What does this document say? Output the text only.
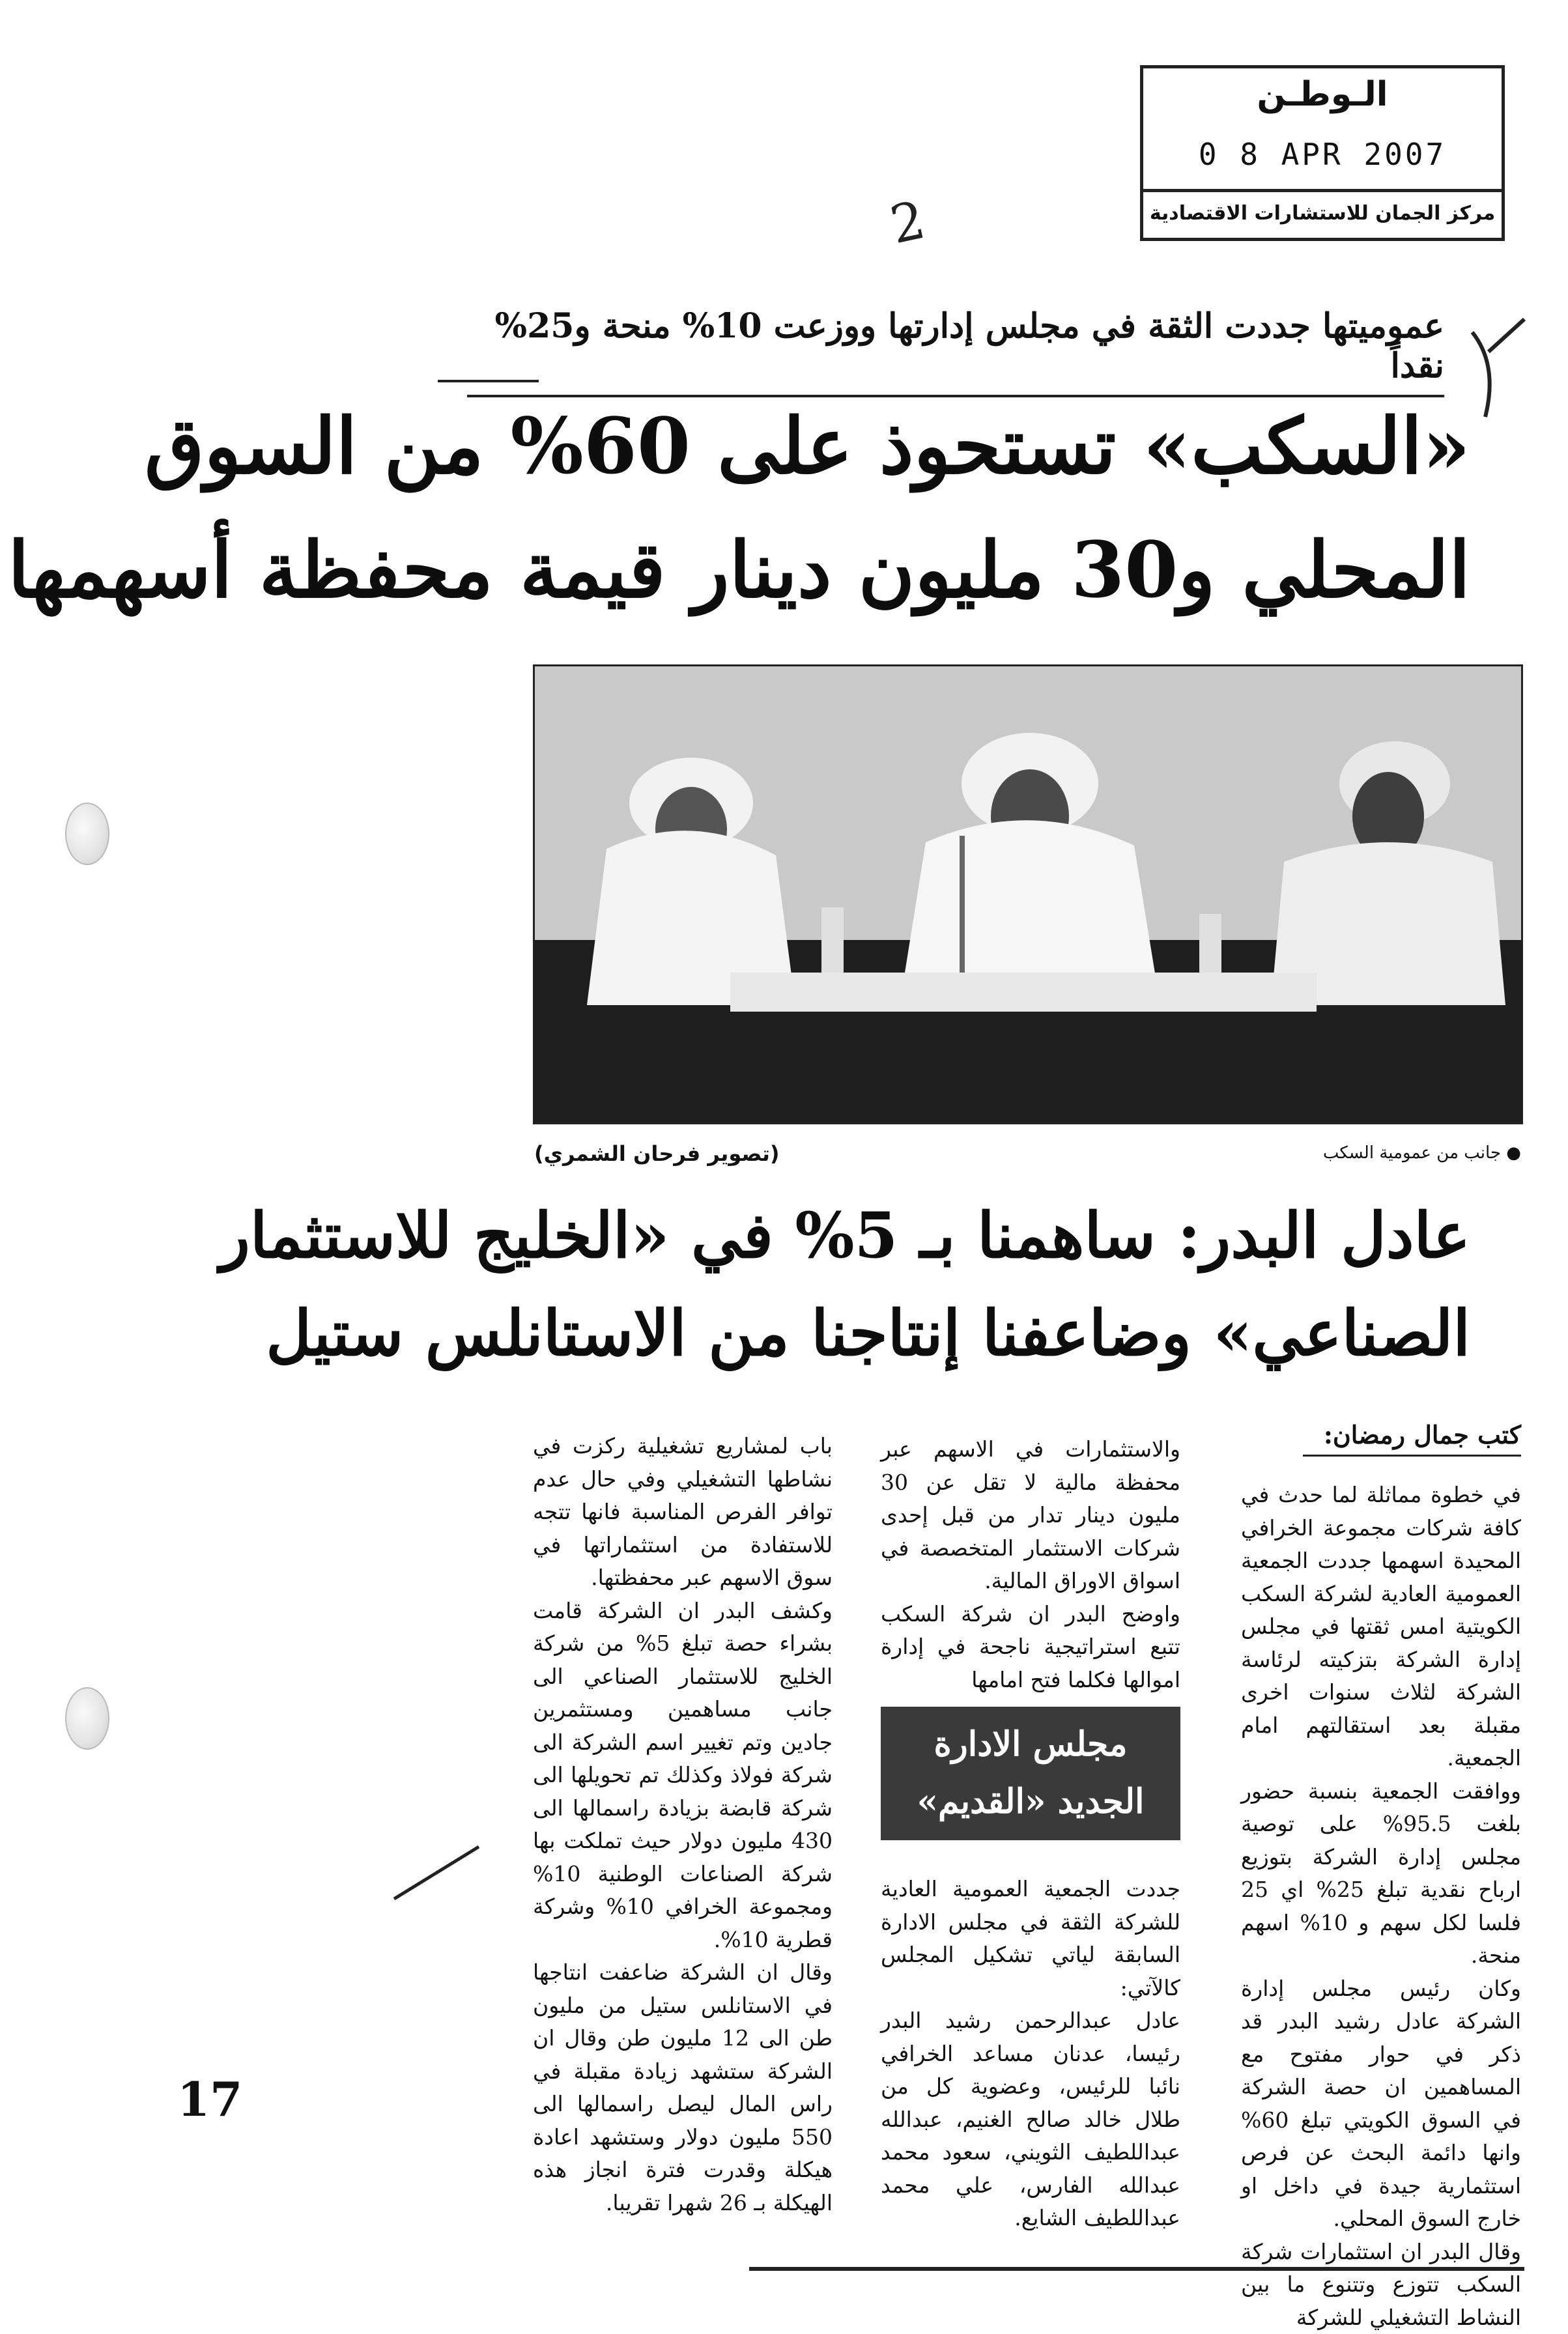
الـوطـن
0 8 APR 2007
مركز الجمان للاستشارات الاقتصادية
2
عموميتها جددت الثقة في مجلس إدارتها ووزعت 10% منحة و25% نقداً
«السكب» تستحوذ على 60% من السوق
المحلي و30 مليون دينار قيمة محفظة أسهمها
(تصوير فرحان الشمري)	● جانب من عمومية السكب
عادل البدر: ساهمنا بـ 5% في «الخليج للاستثمار
الصناعي» وضاعفنا إنتاجنا من الاستانلس ستيل
كتب جمال رمضان:

في خطوة مماثلة لما حدث في كافة شركات مجموعة الخرافي المحيدة اسهمها جددت الجمعية العمومية العادية لشركة السكب الكويتية امس ثقتها في مجلس إدارة الشركة بتزكيته لرئاسة الشركة لثلاث سنوات اخرى مقبلة بعد استقالتهم امام الجمعية.

ووافقت الجمعية بنسبة حضور بلغت 95.5% على توصية مجلس إدارة الشركة بتوزيع ارباح نقدية تبلغ 25% اي 25 فلسا لكل سهم و 10% اسهم منحة.

وكان رئيس مجلس إدارة الشركة عادل رشيد البدر قد ذكر في حوار مفتوح مع المساهمين ان حصة الشركة في السوق الكويتي تبلغ 60% وانها دائمة البحث عن فرص استثمارية جيدة في داخل او خارج السوق المحلي.

وقال البدر ان استثمارات شركة السكب تتوزع وتتنوع ما بين النشاط التشغيلي للشركة

والاستثمارات في الاسهم عبر محفظة مالية لا تقل عن 30 مليون دينار تدار من قبل إحدى شركات الاستثمار المتخصصة في اسواق الاوراق المالية.

واوضح البدر ان شركة السكب تتبع استراتيجية ناجحة في إدارة اموالها فكلما فتح امامها

مجلس الادارة
الجديد «القديم»

جددت الجمعية العمومية العادية للشركة الثقة في مجلس الادارة السابقة لياتي تشكيل المجلس كالآتي:

عادل عبدالرحمن رشيد البدر رئيسا، عدنان مساعد الخرافي نائبا للرئيس، وعضوية كل من طلال خالد صالح الغنيم، عبدالله عبداللطيف الثويني، سعود محمد عبدالله الفارس، علي محمد عبداللطيف الشايع.

باب لمشاريع تشغيلية ركزت في نشاطها التشغيلي وفي حال عدم توافر الفرص المناسبة فانها تتجه للاستفادة من استثماراتها في سوق الاسهم عبر محفظتها.

وكشف البدر ان الشركة قامت بشراء حصة تبلغ 5% من شركة الخليج للاستثمار الصناعي الى جانب مساهمين ومستثمرين جادين وتم تغيير اسم الشركة الى شركة فولاذ وكذلك تم تحويلها الى شركة قابضة بزيادة راسمالها الى 430 مليون دولار حيث تملكت بها شركة الصناعات الوطنية 10% ومجموعة الخرافي 10% وشركة قطرية 10%.

وقال ان الشركة ضاعفت انتاجها في الاستانلس ستيل من مليون طن الى 12 مليون طن وقال ان الشركة ستشهد زيادة مقبلة في راس المال ليصل راسمالها الى 550 مليون دولار وستشهد اعادة هيكلة وقدرت فترة انجاز هذه الهيكلة بـ 26 شهرا تقريبا.

17
